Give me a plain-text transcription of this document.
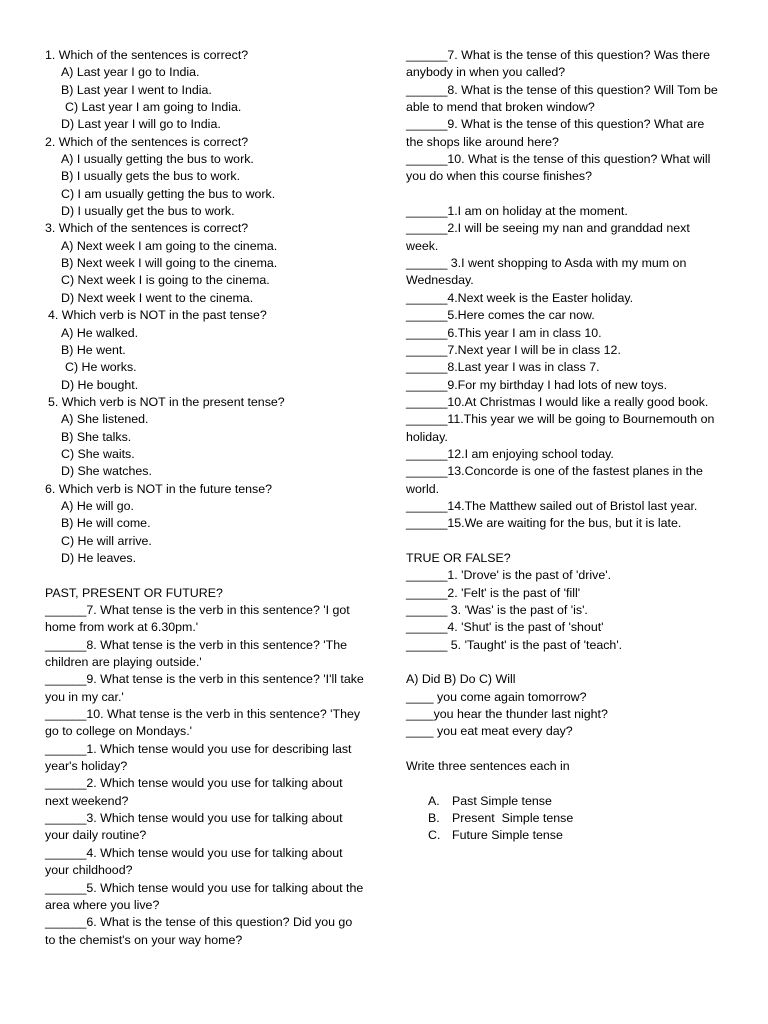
1. Which of the sentences is correct?
A) Last year I go to India.
B) Last year I went to India.
C) Last year I am going to India.
D) Last year I will go to India.
2. Which of the sentences is correct?
A) I usually getting the bus to work.
B) I usually gets the bus to work.
C) I am usually getting the bus to work.
D) I usually get the bus to work.
3. Which of the sentences is correct?
A) Next week I am going to the cinema.
B) Next week I will going to the cinema.
C) Next week I is going to the cinema.
D) Next week I went to the cinema.
4. Which verb is NOT in the past tense?
A) He walked.
B) He went.
C) He works.
D) He bought.
5. Which verb is NOT in the present tense?
A) She listened.
B) She talks.
C) She waits.
D) She watches.
6. Which verb is NOT in the future tense?
A) He will go.
B) He will come.
C) He will arrive.
D) He leaves.
PAST, PRESENT OR FUTURE?
______7. What tense is the verb in this sentence? 'I got home from work at 6.30pm.'
______8. What tense is the verb in this sentence? 'The children are playing outside.'
______9. What tense is the verb in this sentence? 'I'll take you in my car.'
______10. What tense is the verb in this sentence? 'They go to college on Mondays.'
______1. Which tense would you use for describing last year's holiday?
______2. Which tense would you use for talking about next weekend?
______3. Which tense would you use for talking about your daily routine?
______4. Which tense would you use for talking about your childhood?
______5. Which tense would you use for talking about the area where you live?
______6. What is the tense of this question? Did you go to the chemist's on your way home?
______7. What is the tense of this question? Was there anybody in when you called?
______8. What is the tense of this question? Will Tom be able to mend that broken window?
______9. What is the tense of this question? What are the shops like around here?
______10. What is the tense of this question? What will you do when this course finishes?
______1.I am on holiday at the moment.
______2.I will be seeing my nan and granddad next week.
______ 3.I went shopping to Asda with my mum on Wednesday.
______4.Next week is the Easter holiday.
______5.Here comes the car now.
______6.This year I am in class 10.
______7.Next year I will be in class 12.
______8.Last year I was in class 7.
______9.For my birthday I had lots of new toys.
______10.At Christmas I would like a really good book.
______11.This year we will be going to Bournemouth on holiday.
______12.I am enjoying school today.
______13.Concorde is one of the fastest planes in the world.
______14.The Matthew sailed out of Bristol last year.
______15.We are waiting for the bus, but it is late.
TRUE OR FALSE?
______1. 'Drove' is the past of 'drive'.
______2. 'Felt' is the past of 'fill'
______ 3. 'Was' is the past of 'is'.
______4. 'Shut' is the past of 'shout'
______ 5. 'Taught' is the past of 'teach'.
A) Did B) Do C) Will
____ you come again tomorrow?
____you hear the thunder last night?
____ you eat meat every day?
Write three sentences each in
A. Past Simple tense
B. Present  Simple tense
C. Future Simple tense
